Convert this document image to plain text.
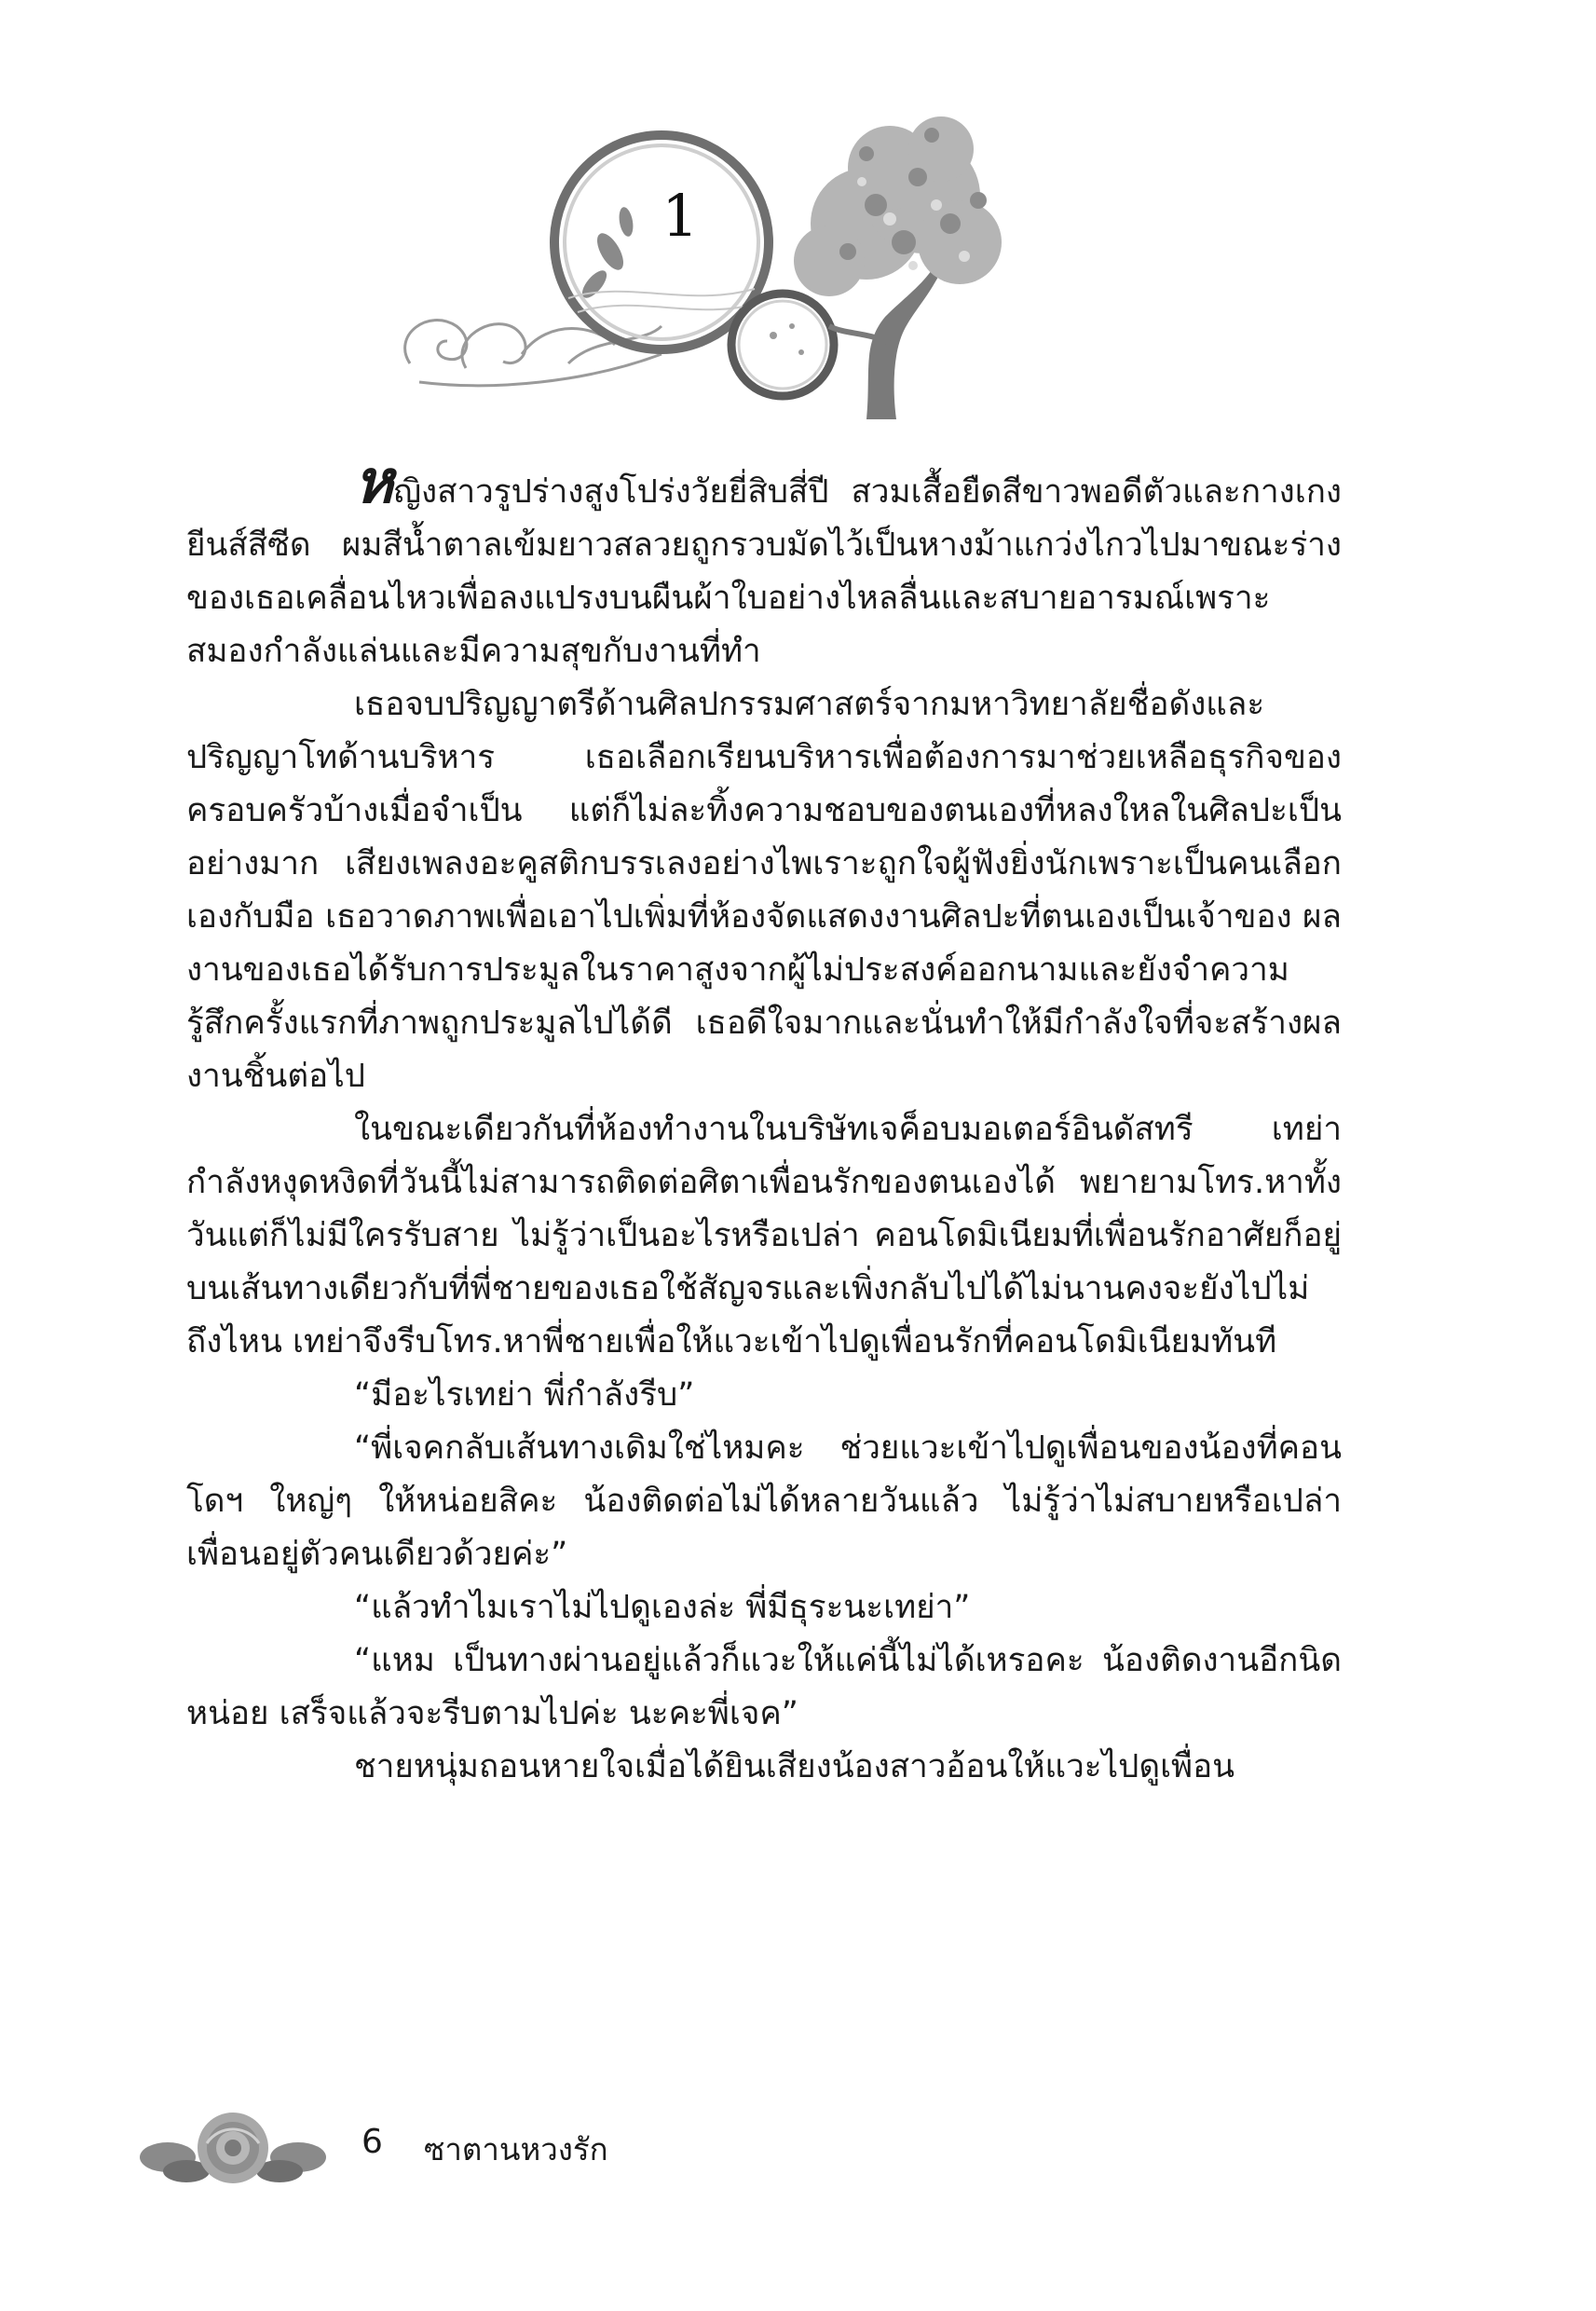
1

หญิงสาวรูปร่างสูงโปร่งวัยยี่สิบสี่ปี สวมเสื้อยืดสีขาวพอดีตัวและกางเกงยีนส์สีซีด ผมสีน้ำตาลเข้มยาวสลวยถูกรวบมัดไว้เป็นหางม้าแกว่งไกวไปมาขณะร่างของเธอเคลื่อนไหวเพื่อลงแปรงบนผืนผ้าใบอย่างไหลลื่นและสบายอารมณ์เพราะสมองกำลังแล่นและมีความสุขกับงานที่ทำ

เธอจบปริญญาตรีด้านศิลปกรรมศาสตร์จากมหาวิทยาลัยชื่อดังและปริญญาโทด้านบริหาร เธอเลือกเรียนบริหารเพื่อต้องการมาช่วยเหลือธุรกิจของครอบครัวบ้างเมื่อจำเป็น แต่ก็ไม่ละทิ้งความชอบของตนเองที่หลงใหลในศิลปะเป็นอย่างมาก เสียงเพลงอะคูสติกบรรเลงอย่างไพเราะถูกใจผู้ฟังยิ่งนักเพราะเป็นคนเลือกเองกับมือ เธอวาดภาพเพื่อเอาไปเพิ่มที่ห้องจัดแสดงงานศิลปะที่ตนเองเป็นเจ้าของ ผลงานของเธอได้รับการประมูลในราคาสูงจากผู้ไม่ประสงค์ออกนามและยังจำความรู้สึกครั้งแรกที่ภาพถูกประมูลไปได้ดี เธอดีใจมากและนั่นทำให้มีกำลังใจที่จะสร้างผลงานชิ้นต่อไป

ในขณะเดียวกันที่ห้องทำงานในบริษัทเจค็อบมอเตอร์อินดัสทรี เทย่ากำลังหงุดหงิดที่วันนี้ไม่สามารถติดต่อศิตาเพื่อนรักของตนเองได้ พยายามโทร.หาทั้งวันแต่ก็ไม่มีใครรับสาย ไม่รู้ว่าเป็นอะไรหรือเปล่า คอนโดมิเนียมที่เพื่อนรักอาศัยก็อยู่บนเส้นทางเดียวกับที่พี่ชายของเธอใช้สัญจรและเพิ่งกลับไปได้ไม่นานคงจะยังไปไม่ถึงไหน เทย่าจึงรีบโทร.หาพี่ชายเพื่อให้แวะเข้าไปดูเพื่อนรักที่คอนโดมิเนียมทันที

“มีอะไรเทย่า พี่กำลังรีบ”

“พี่เจคกลับเส้นทางเดิมใช่ไหมคะ ช่วยแวะเข้าไปดูเพื่อนของน้องที่คอนโดฯ ใหญ่ๆ ให้หน่อยสิคะ น้องติดต่อไม่ได้หลายวันแล้ว ไม่รู้ว่าไม่สบายหรือเปล่า เพื่อนอยู่ตัวคนเดียวด้วยค่ะ”

“แล้วทำไมเราไม่ไปดูเองล่ะ พี่มีธุระนะเทย่า”

“แหม เป็นทางผ่านอยู่แล้วก็แวะให้แค่นี้ไม่ได้เหรอคะ น้องติดงานอีกนิดหน่อย เสร็จแล้วจะรีบตามไปค่ะ นะคะพี่เจค”

ชายหนุ่มถอนหายใจเมื่อได้ยินเสียงน้องสาวอ้อนให้แวะไปดูเพื่อน

6 ซาตานหวงรัก
